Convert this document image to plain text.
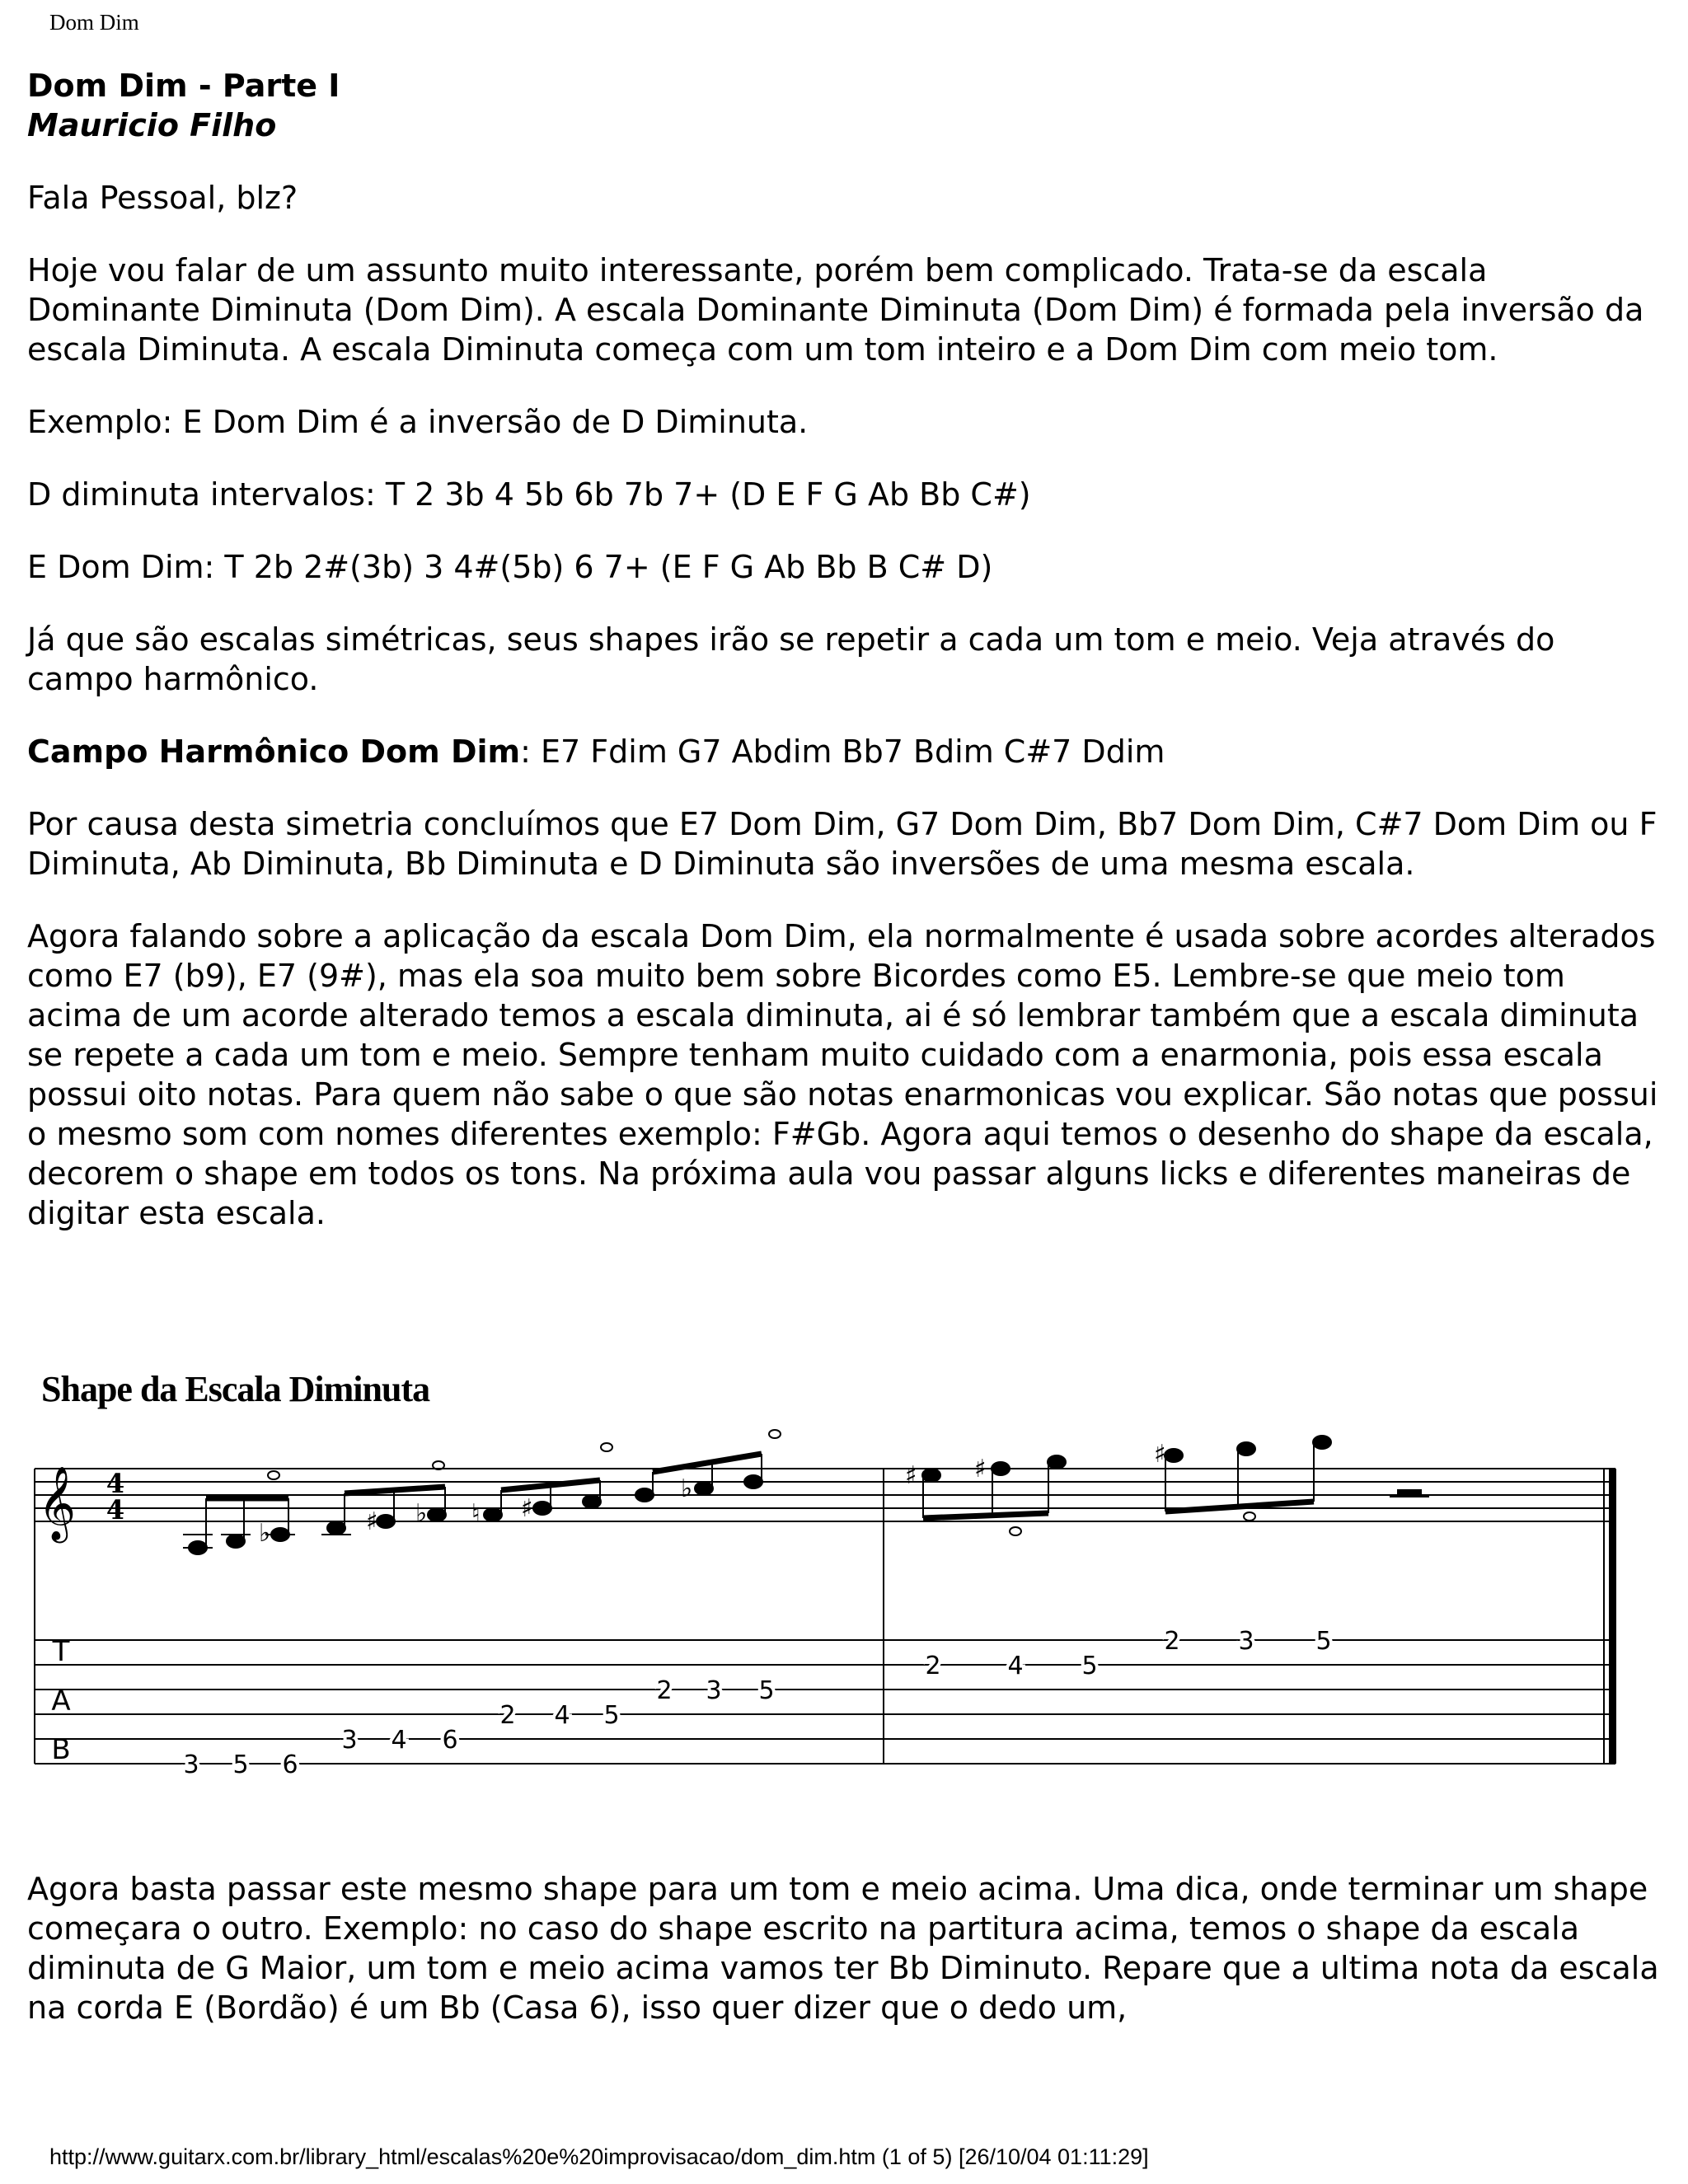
Dom Dim
Dom Dim - Parte I
Mauricio Filho

Fala Pessoal, blz?

Hoje vou falar de um assunto muito interessante, porém bem complicado. Trata-se da escala Dominante Diminuta (Dom Dim). A escala Dominante Diminuta (Dom Dim) é formada pela inversão da escala Diminuta. A escala Diminuta começa com um tom inteiro e a Dom Dim com meio tom.

Exemplo: E Dom Dim é a inversão de D Diminuta.

D diminuta intervalos: T 2 3b 4 5b 6b 7b 7+ (D E F G Ab Bb C#)

E Dom Dim: T 2b 2#(3b) 3 4#(5b) 6 7+ (E F G Ab Bb B C# D)

Já que são escalas simétricas, seus shapes irão se repetir a cada um tom e meio. Veja através do campo harmônico.

Campo Harmônico Dom Dim: E7 Fdim G7 Abdim Bb7 Bdim C#7 Ddim

Por causa desta simetria concluímos que E7 Dom Dim, G7 Dom Dim, Bb7 Dom Dim, C#7 Dom Dim ou F Diminuta, Ab Diminuta, Bb Diminuta e D Diminuta são inversões de uma mesma escala.

Agora falando sobre a aplicação da escala Dom Dim, ela normalmente é usada sobre acordes alterados como E7 (b9), E7 (9#), mas ela soa muito bem sobre Bicordes como E5. Lembre-se que meio tom acima de um acorde alterado temos a escala diminuta, ai é só lembrar também que a escala diminuta se repete a cada um tom e meio. Sempre tenham muito cuidado com a enarmonia, pois essa escala possui oito notas. Para quem não sabe o que são notas enarmonicas vou explicar. São notas que possui o mesmo som com nomes diferentes exemplo: F#Gb. Agora aqui temos o desenho do shape da escala, decorem o shape em todos os tons. Na próxima aula vou passar alguns licks e diferentes maneiras de digitar esta escala.

Shape da Escala Diminuta
𝄞 4
4
T
A
B
♭	♯ ♭ ♮ ♯
♭	♯ ♯
♯
3 5 6
3 4 6
2 4 5
2 3 5
2	4 5
2 3 5
Agora basta passar este mesmo shape para um tom e meio acima. Uma dica, onde terminar um shape começara o outro. Exemplo: no caso do shape escrito na partitura acima, temos o shape da escala diminuta de G Maior, um tom e meio acima vamos ter Bb Diminuto. Repare que a ultima nota da escala na corda E (Bordão) é um Bb (Casa 6), isso quer dizer que o dedo um,
http://www.guitarx.com.br/library_html/escalas%20e%20improvisacao/dom_dim.htm (1 of 5) [26/10/04 01:11:29]
